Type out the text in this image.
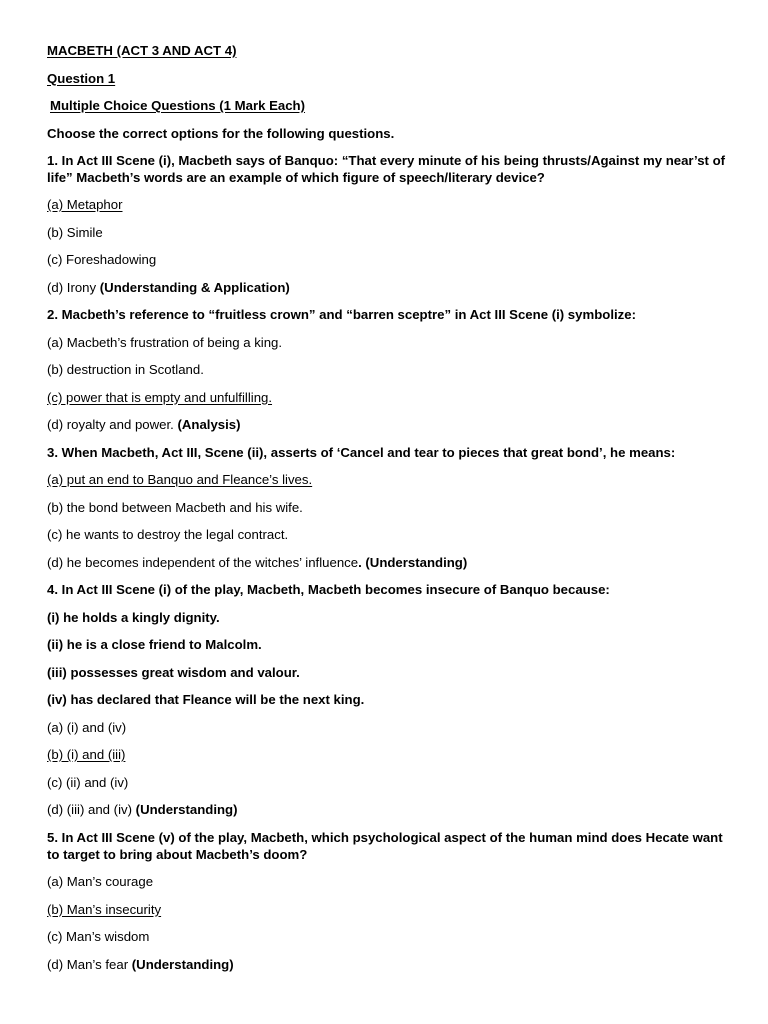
MACBETH (ACT 3 AND ACT 4)
Question 1
Multiple Choice Questions (1 Mark Each)
Choose the correct options for the following questions.
1. In Act III Scene (i), Macbeth says of Banquo: “That every minute of his being thrusts/Against my near’st of life” Macbeth’s words are an example of which figure of speech/literary device?
(a) Metaphor
(b) Simile
(c) Foreshadowing
(d) Irony (Understanding & Application)
2. Macbeth’s reference to “fruitless crown” and “barren sceptre” in Act III Scene (i) symbolize:
(a) Macbeth’s frustration of being a king.
(b) destruction in Scotland.
(c) power that is empty and unfulfilling.
(d) royalty and power. (Analysis)
3. When Macbeth, Act III, Scene (ii), asserts of ‘Cancel and tear to pieces that great bond’, he means:
(a) put an end to Banquo and Fleance’s lives.
(b) the bond between Macbeth and his wife.
(c) he wants to destroy the legal contract.
(d) he becomes independent of the witches’ influence. (Understanding)
4. In Act III Scene (i) of the play, Macbeth, Macbeth becomes insecure of Banquo because:
(i) he holds a kingly dignity.
(ii) he is a close friend to Malcolm.
(iii) possesses great wisdom and valour.
(iv) has declared that Fleance will be the next king.
(a) (i) and (iv)
(b) (i) and (iii)
(c) (ii) and (iv)
(d) (iii) and (iv) (Understanding)
5. In Act III Scene (v) of the play, Macbeth, which psychological aspect of the human mind does Hecate want to target to bring about Macbeth’s doom?
(a) Man’s courage
(b) Man’s insecurity
(c) Man’s wisdom
(d) Man’s fear (Understanding)
